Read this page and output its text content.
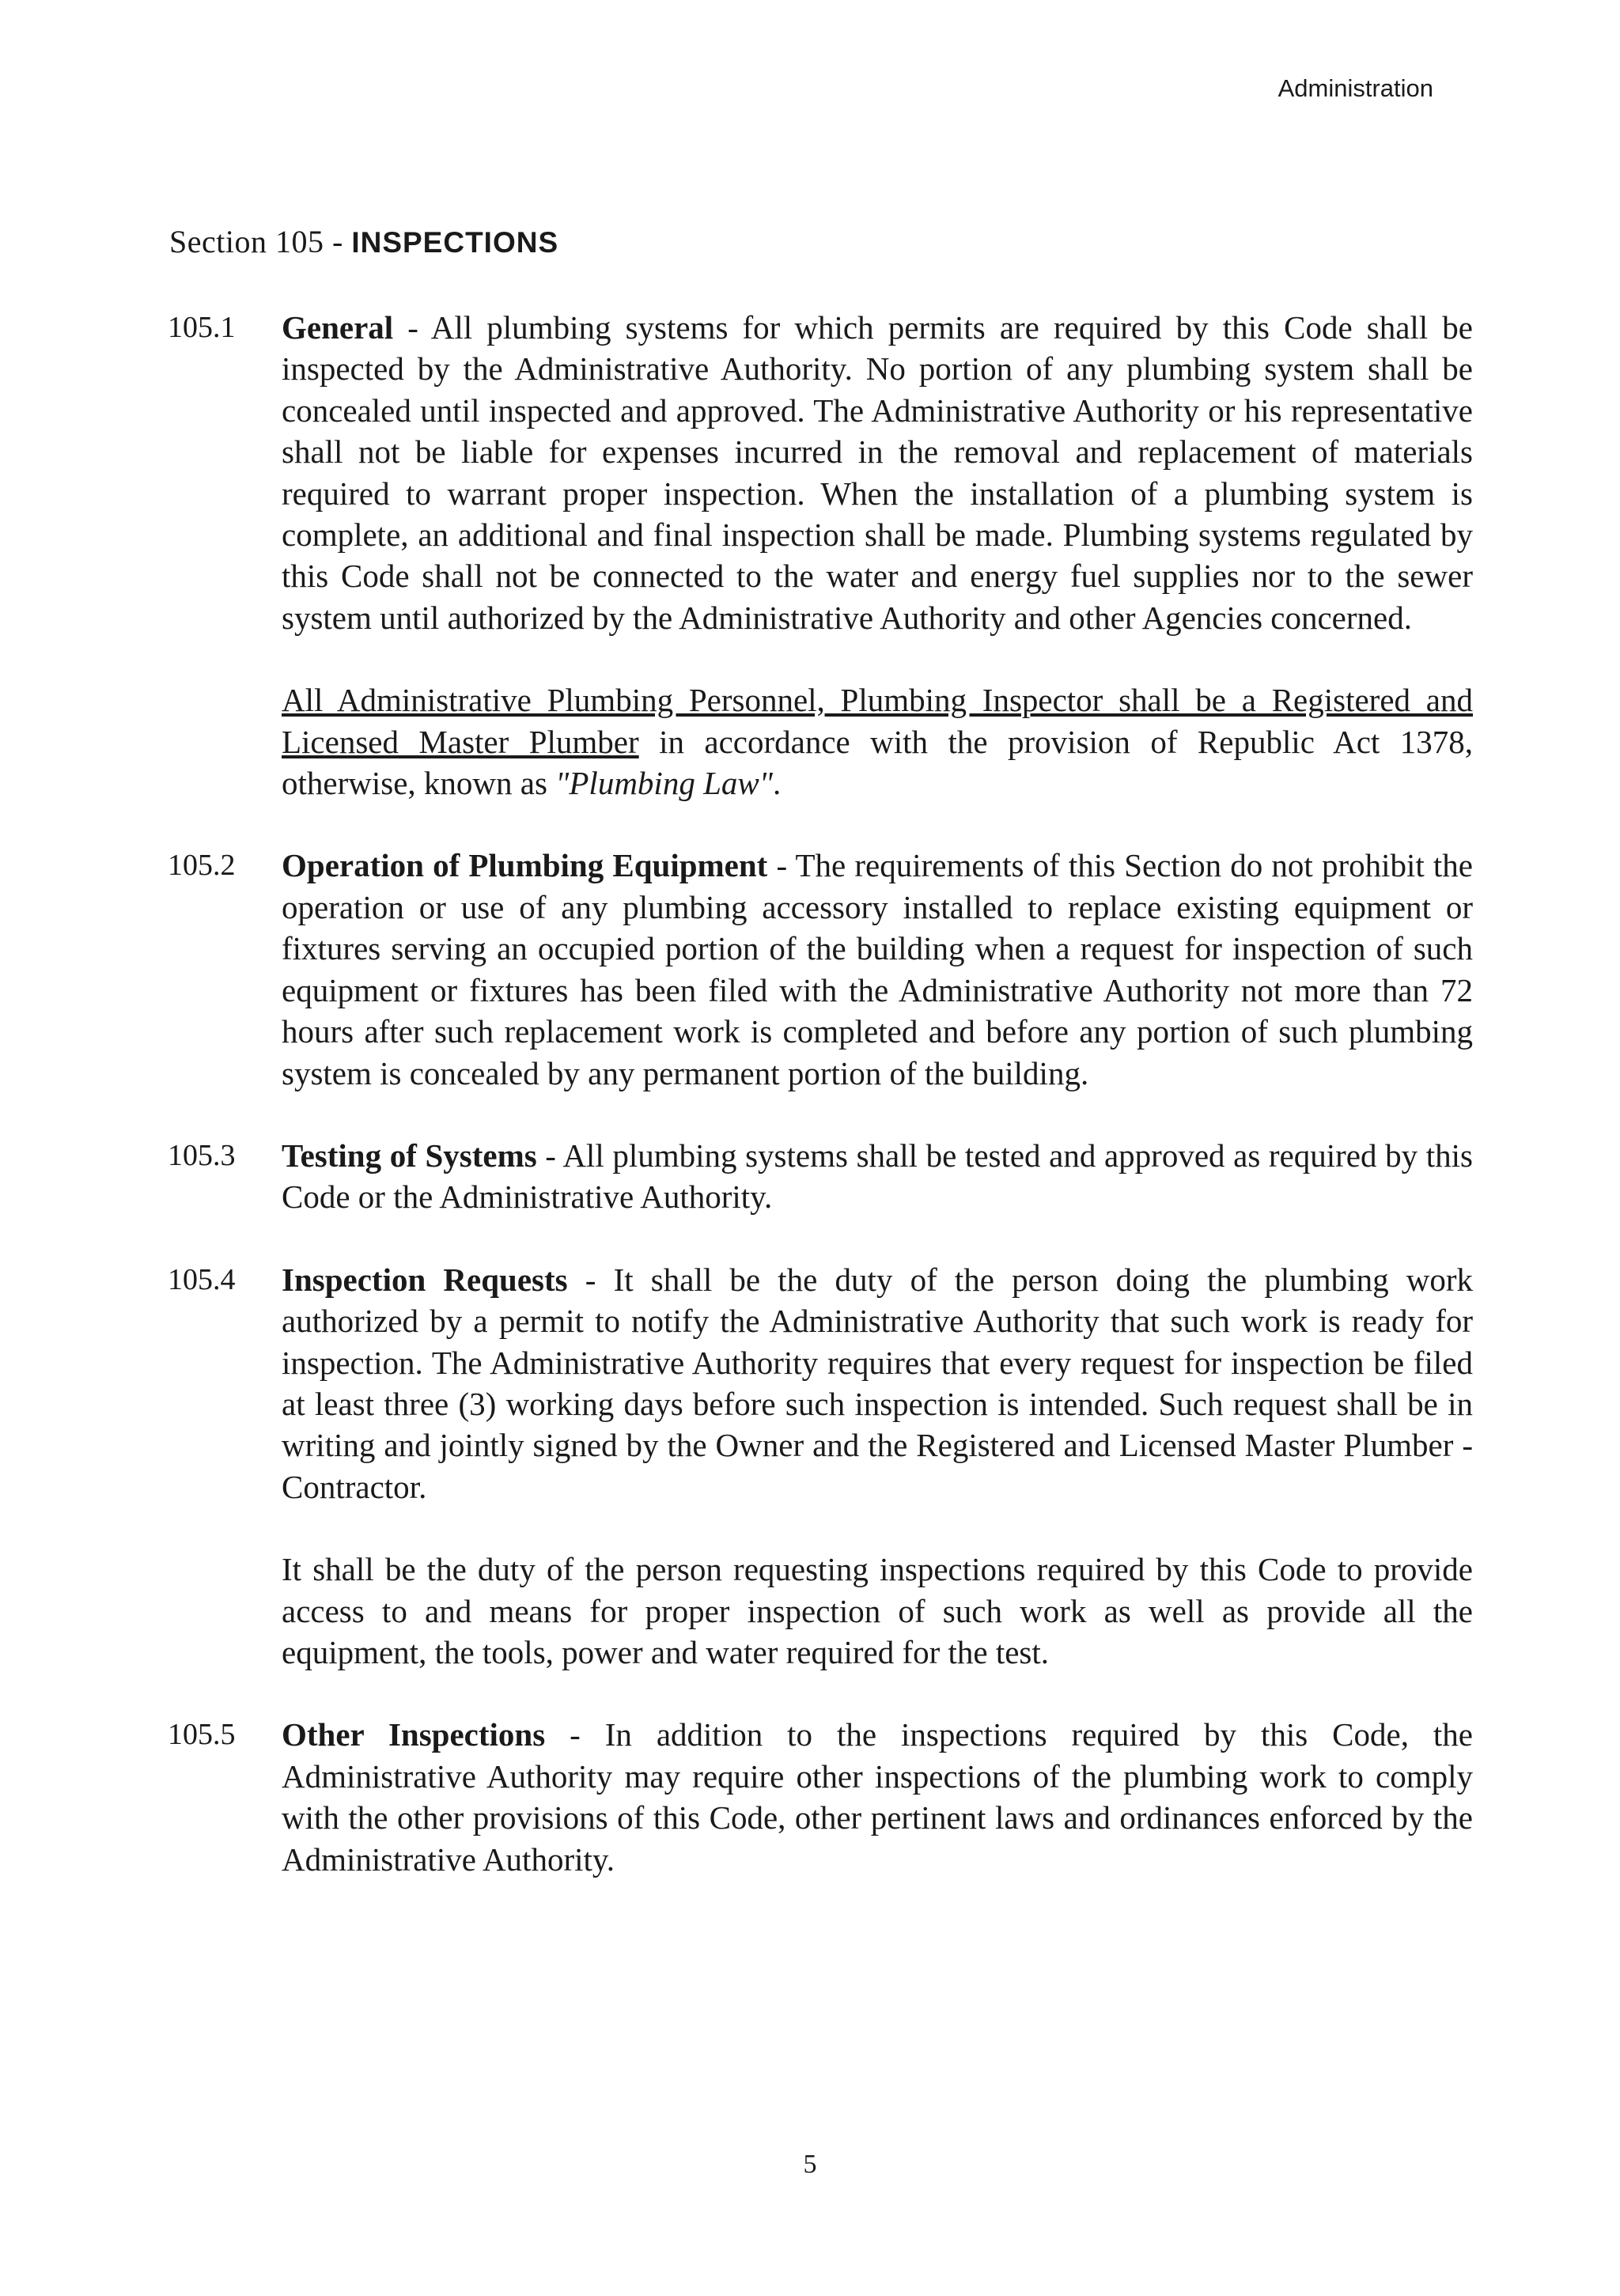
Administration
Section 105 - INSPECTIONS
105.1 General - All plumbing systems for which permits are required by this Code shall be inspected by the Administrative Authority. No portion of any plumbing system shall be concealed until inspected and approved. The Administrative Authority or his representative shall not be liable for expenses incurred in the removal and replacement of materials required to warrant proper inspection. When the installation of a plumbing system is complete, an additional and final inspection shall be made. Plumbing systems regulated by this Code shall not be connected to the water and energy fuel supplies nor to the sewer system until authorized by the Administrative Authority and other Agencies concerned.

All Administrative Plumbing Personnel, Plumbing Inspector shall be a Registered and Licensed Master Plumber in accordance with the provision of Republic Act 1378, otherwise, known as "Plumbing Law".

105.2 Operation of Plumbing Equipment - The requirements of this Section do not prohibit the operation or use of any plumbing accessory installed to replace existing equipment or fixtures serving an occupied portion of the building when a request for inspection of such equipment or fixtures has been filed with the Administrative Authority not more than 72 hours after such replacement work is completed and before any portion of such plumbing system is concealed by any permanent portion of the building.

105.3 Testing of Systems - All plumbing systems shall be tested and approved as required by this Code or the Administrative Authority.

105.4 Inspection Requests - It shall be the duty of the person doing the plumbing work authorized by a permit to notify the Administrative Authority that such work is ready for inspection. The Administrative Authority requires that every request for inspection be filed at least three (3) working days before such inspection is intended. Such request shall be in writing and jointly signed by the Owner and the Registered and Licensed Master Plumber - Contractor.

It shall be the duty of the person requesting inspections required by this Code to provide access to and means for proper inspection of such work as well as provide all the equipment, the tools, power and water required for the test.

105.5 Other Inspections - In addition to the inspections required by this Code, the Administrative Authority may require other inspections of the plumbing work to comply with the other provisions of this Code, other pertinent laws and ordinances enforced by the Administrative Authority.

5
